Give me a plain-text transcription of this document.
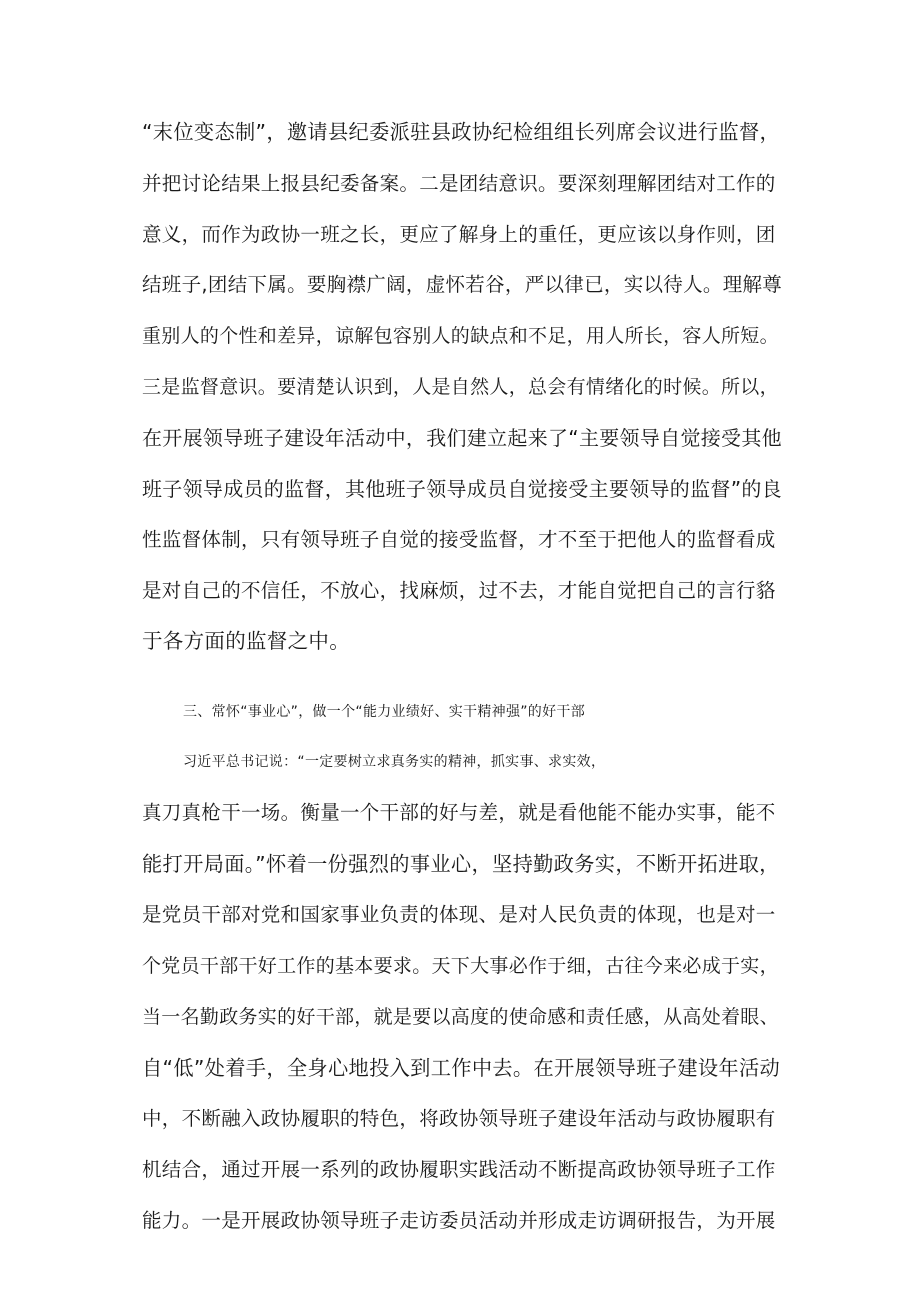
“末位变态制”，邀请县纪委派驻县政协纪检组组长列席会议进行监督，
并把讨论结果上报县纪委备案。二是团结意识。要深刻理解团结对工作的
意义，而作为政协一班之长，更应了解身上的重任，更应该以身作则，团
结班子,团结下属。要胸襟广阔，虚怀若谷，严以律已，实以待人。理解尊
重别人的个性和差异，谅解包容别人的缺点和不足，用人所长，容人所短。
三是监督意识。要清楚认识到，人是自然人，总会有情绪化的时候。所以，
在开展领导班子建设年活动中，我们建立起来了“主要领导自觉接受其他
班子领导成员的监督，其他班子领导成员自觉接受主要领导的监督”的良
性监督体制，只有领导班子自觉的接受监督，才不至于把他人的监督看成
是对自己的不信任，不放心，找麻烦，过不去，才能自觉把自己的言行貉
于各方面的监督之中。
三、常怀“事业心”，做一个“能力业绩好、实干精神强”的好干部
习近平总书记说：“一定要树立求真务实的精神，抓实事、求实效，
真刀真枪干一场。衡量一个干部的好与差，就是看他能不能办实事，能不
能打开局面。”怀着一份强烈的事业心，坚持勤政务实，不断开拓进取，
是党员干部对党和国家事业负责的体现、是对人民负责的体现，也是对一
个党员干部干好工作的基本要求。天下大事必作于细，古往今来必成于实，
当一名勤政务实的好干部，就是要以高度的使命感和责任感，从高处着眼、
自“低”处着手，全身心地投入到工作中去。在开展领导班子建设年活动
中，不断融入政协履职的特色，将政协领导班子建设年活动与政协履职有
机结合，通过开展一系列的政协履职实践活动不断提高政协领导班子工作
能力。一是开展政协领导班子走访委员活动并形成走访调研报告，为开展
